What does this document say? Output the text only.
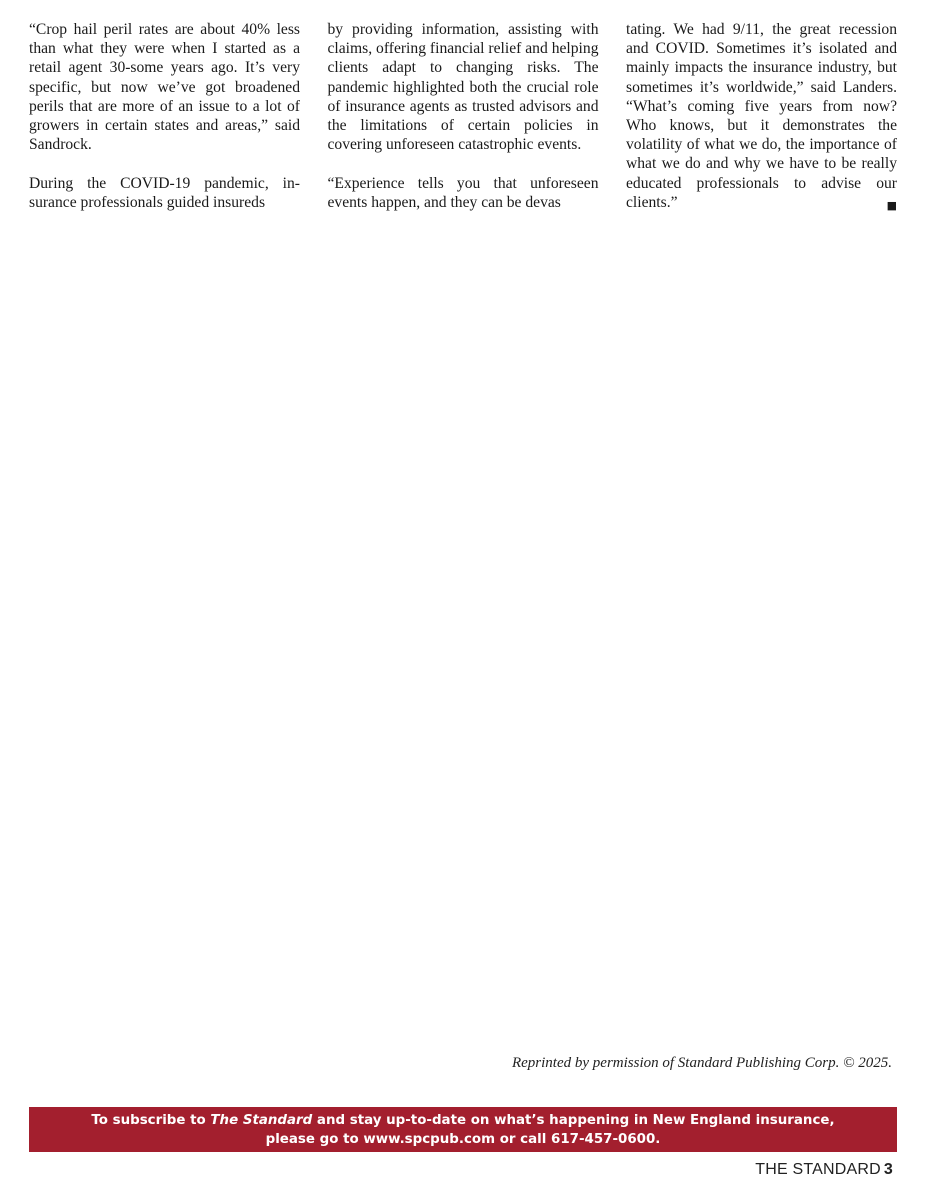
“Crop hail peril rates are about 40% less than what they were when I started as a retail agent 30-some years ago. It’s very specific, but now we’ve got broadened perils that are more of an issue to a lot of growers in certain states and areas,” said Sandrock.

During the COVID-19 pandemic, insurance professionals guided insureds

by providing information, assisting with claims, offering financial relief and helping clients adapt to changing risks. The pandemic highlighted both the crucial role of insurance agents as trusted advisors and the limitations of certain policies in covering unforeseen catastrophic events.

“Experience tells you that unforeseen events happen, and they can be devas

tating. We had 9/11, the great recession and COVID. Sometimes it’s isolated and mainly impacts the insurance industry, but sometimes it’s worldwide,” said Landers. “What’s coming five years from now? Who knows, but it demonstrates the volatility of what we do, the importance of what we do and why we have to be really educated professionals to advise our clients.”	■

Reprinted by permission of Standard Publishing Corp. © 2025.
To subscribe to The Standard and stay up-to-date on what’s happening in New England insurance,
please go to www.spcpub.com or call 617-457-0600.
THE STANDARD 3
